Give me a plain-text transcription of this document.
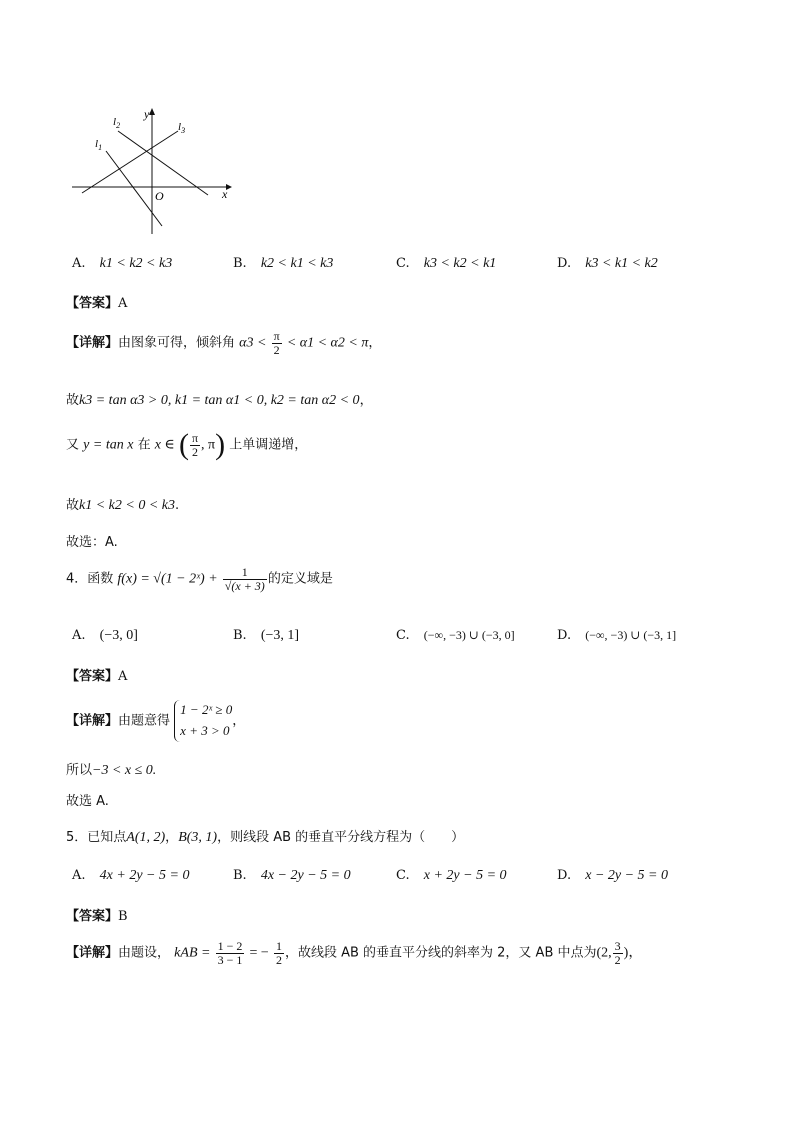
y
x
O
$l_1$
$l_2$	$l_3$
A. k1 < k2 < k3	B. k2 < k1 < k3	C. k3 < k2 < k1	D. k3 < k1 < k2
【答案】A
【详解】由图象可得，倾斜角 $\alpha 3 < \frac{\pi}{2} < \alpha 1 < \alpha 2 < \pi$，
故k3 = tan α3 > 0, k1 = tan α1 < 0, k2 = tan α2 < 0，
又 y = tan x 在 x ∈ ( $\frac{\pi}{2}$ , π) 上单调递增，
故k1 < k2 < 0 < k3.
故选：A.
4．函数 f(x) = √(1 − 2ˣ) + $\frac{1}{√(x + 3)}$ 的定义域是
A. (−3, 0]	B. (−3, 1]	C. (−∞, −3) ∪ (−3, 0]	D. (−∞, −3) ∪ (−3, 1]
【答案】A
【详解】由题意得
1 − 2ˣ ≥ 0
x + 3 > 0
，
所以−3 < x ≤ 0.
故选 A.
5．已知点A(1, 2)，B(3, 1)，则线段 AB 的垂直平分线方程为（　　）
A. 4x + 2y − 5 = 0	B. 4x − 2y − 5 = 0	C. x + 2y − 5 = 0	D. x − 2y − 5 = 0
【答案】B
【详解】由题设， kAB = $\frac{1 - 2}{3 - 1}$ = − $\frac{1}{2}$ ，故线段 AB 的垂直平分线的斜率为 2，又 AB 中点为(2, $\frac{3}{2}$ )，
